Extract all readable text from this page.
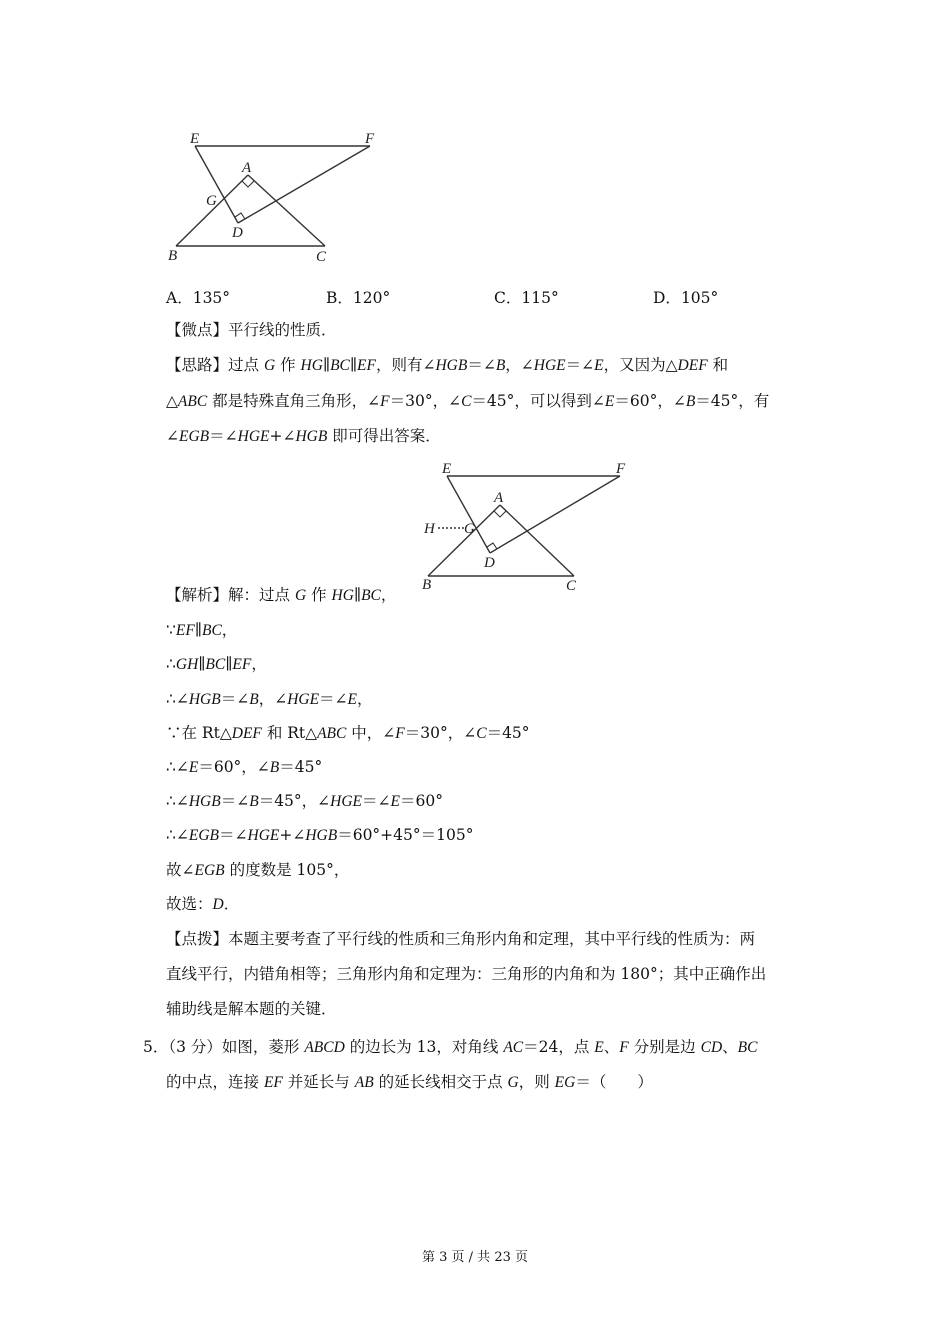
E	F
A
G
D
B	C
A．135°	B．120°	C．115°	D．105°
【微点】平行线的性质．
【思路】过点 G 作 HG∥BC∥EF，则有∠HGB＝∠B，∠HGE＝∠E，又因为△DEF 和
△ABC 都是特殊直角三角形，∠F＝30°，∠C＝45°，可以得到∠E＝60°，∠B＝45°，有
∠EGB＝∠HGE+∠HGB 即可得出答案．
E	F
A
H G
D
B	C
【解析】解：过点 G 作 HG∥BC，
∵EF∥BC，
∴GH∥BC∥EF，
∴∠HGB＝∠B，∠HGE＝∠E，
∵在 Rt△DEF 和 Rt△ABC 中，∠F＝30°，∠C＝45°
∴∠E＝60°，∠B＝45°
∴∠HGB＝∠B＝45°，∠HGE＝∠E＝60°
∴∠EGB＝∠HGE+∠HGB＝60°+45°＝105°
故∠EGB 的度数是 105°，
故选：D．
【点拨】本题主要考查了平行线的性质和三角形内角和定理，其中平行线的性质为：两
直线平行，内错角相等；三角形内角和定理为：三角形的内角和为 180°；其中正确作出
辅助线是解本题的关键．
5．（3 分）如图，菱形 ABCD 的边长为 13，对角线 AC＝24，点 E、F 分别是边 CD、BC
的中点，连接 EF 并延长与 AB 的延长线相交于点 G，则 EG＝（　　）
第 3 页 / 共 23 页
